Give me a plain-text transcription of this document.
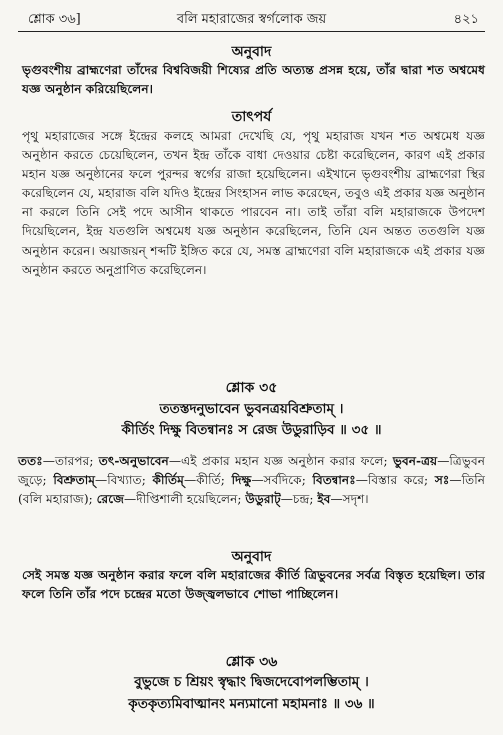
শ্লোক ৩৬]	বলি মহারাজের স্বর্গলোক জয়	৪২১
অনুবাদ
ভৃগুবংশীয় ব্রাহ্মণেরা তাঁদের বিশ্ববিজয়ী শিষ্যের প্রতি অত্যন্ত প্রসন্ন হয়ে, তাঁর দ্বারা শত অশ্বমেধ যজ্ঞ অনুষ্ঠান করিয়েছিলেন।
তাৎপর্য
পৃথু মহারাজের সঙ্গে ইন্দ্রের কলহে আমরা দেখেছি যে, পৃথু মহারাজ যখন শত অশ্বমেধ যজ্ঞ অনুষ্ঠান করতে চেয়েছিলেন, তখন ইন্দ্র তাঁকে বাধা দেওয়ার চেষ্টা করেছিলেন, কারণ এই প্রকার মহান যজ্ঞ অনুষ্ঠানের ফলে পুরন্দর স্বর্গের রাজা হয়েছিলেন। এইখানে ভৃগুবংশীয় ব্রাহ্মণেরা স্থির করেছিলেন যে, মহারাজ বলি যদিও ইন্দ্রের সিংহাসন লাভ করেছেন, তবুও এই প্রকার যজ্ঞ অনুষ্ঠান না করলে তিনি সেই পদে আসীন থাকতে পারবেন না। তাই তাঁরা বলি মহারাজকে উপদেশ দিয়েছিলেন, ইন্দ্র যতগুলি অশ্বমেধ যজ্ঞ অনুষ্ঠান করেছিলেন, তিনি যেন অন্তত ততগুলি যজ্ঞ অনুষ্ঠান করেন। অয়াজয়ন্ শব্দটি ইঙ্গিত করে যে, সমস্ত ব্রাহ্মণেরা বলি মহারাজকে এই প্রকার যজ্ঞ অনুষ্ঠান করতে অনুপ্রাণিত করেছিলেন।
শ্লোক ৩৫
ততস্তদনুভাবেন ভুবনত্রয়বিশ্রুতাম্ ।
কীর্তিং দিক্ষু বিতন্বানঃ স রেজ উডুরাড়িব ॥ ৩৫ ॥
ততঃ—তারপর; তৎ-অনুভাবেন—এই প্রকার মহান যজ্ঞ অনুষ্ঠান করার ফলে; ভুবন-ত্রয়—ত্রিভুবন জুড়ে; বিশ্রুতাম্—বিখ্যাত; কীর্তিম্—কীর্তি; দিক্ষু—সর্বদিকে; বিতন্বানঃ—বিস্তার করে; সঃ—তিনি (বলি মহারাজ); রেজে—দীপ্তিশালী হয়েছিলেন; উডুরাট্—চন্দ্র; ইব—সদৃশ।
অনুবাদ
সেই সমস্ত যজ্ঞ অনুষ্ঠান করার ফলে বলি মহারাজের কীর্তি ত্রিভুবনের সর্বত্র বিস্তৃত হয়েছিল। তার ফলে তিনি তাঁর পদে চন্দ্রের মতো উজ্জ্বলভাবে শোভা পাচ্ছিলেন।
শ্লোক ৩৬
বুভুজে চ শ্রিয়ং স্বৃদ্ধাং দ্বিজদেবোপলম্ভিতাম্ ।
কৃতকৃত্যমিবাত্মানং মন্যমানো মহামনাঃ ॥ ৩৬ ॥
